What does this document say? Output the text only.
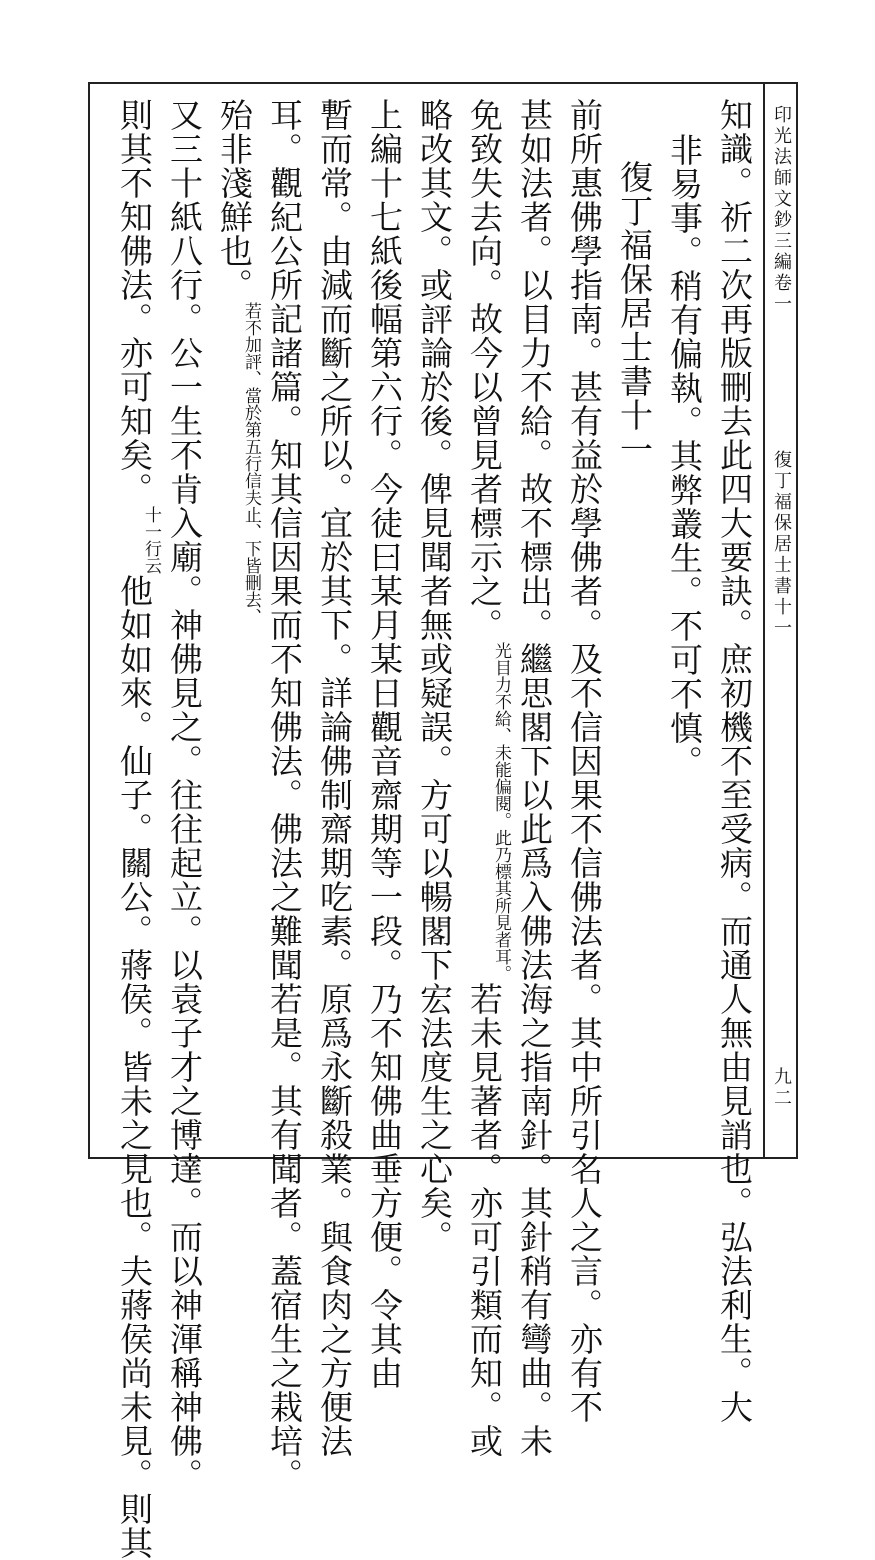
印光法師文鈔三編卷一
復丁福保居士書十一
九二
知識。祈二次再版刪去此四大要訣。庶初機不至受病。而通人無由見誚也。弘法利生。大
非易事。稍有偏執。其弊叢生。不可不慎。
復丁福保居士書十一
前所惠佛學指南。甚有益於學佛者。及不信因果不信佛法者。其中所引名人之言。亦有不
甚如法者。以目力不給。故不標出。繼思閣下以此爲入佛法海之指南針。其針稍有彎曲。未
免致失去向。故今以曾見者標示之。$^{光目力不給、未能偏閱。此乃標其所見者耳。}$若未見著者。亦可引類而知。或
略改其文。或評論於後。俾見聞者無或疑誤。方可以暢閣下宏法度生之心矣。
上編十七紙後幅第六行。今徒曰某月某日觀音齋期等一段。乃不知佛曲垂方便。令其由
暫而常。由減而斷之所以。宜於其下。詳論佛制齋期吃素。原爲永斷殺業。與食肉之方便法
耳。觀紀公所記諸篇。知其信因果而不知佛法。佛法之難聞若是。其有聞者。蓋宿生之栽培。
殆非淺鮮也。$^{若不加評、當於第五行信夫止、下皆刪去、}$
又三十紙八行。公一生不肯入廟。神佛見之。往往起立。以袁子才之博達。而以神渾稱神佛。
則其不知佛法。亦可知矣。$^{十一行云}$他如如來。仙子。關公。蔣侯。皆未之見也。夫蔣侯尚未見。則其
